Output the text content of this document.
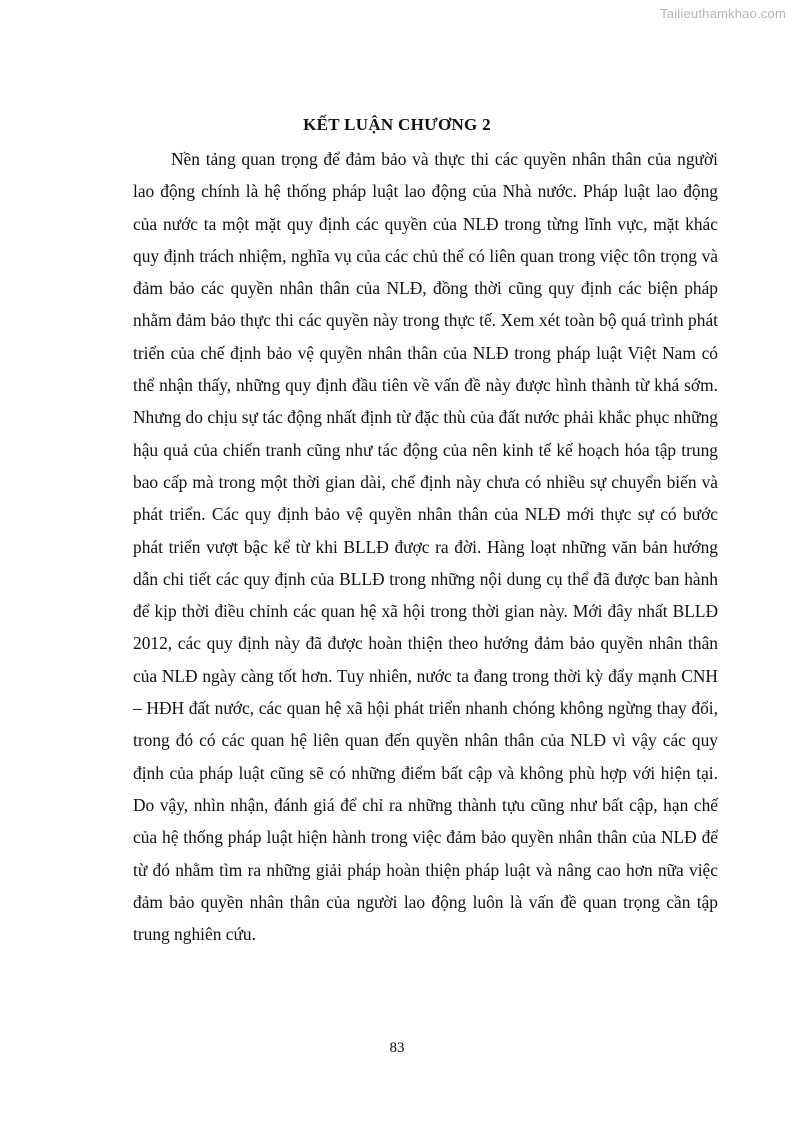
Tailieuthamkhao.com
KẾT LUẬN CHƯƠNG 2

Nền tảng quan trọng để đảm bảo và thực thi các quyền nhân thân của người lao động chính là hệ thống pháp luật lao động của Nhà nước. Pháp luật lao động của nước ta một mặt quy định các quyền của NLĐ trong từng lĩnh vực, mặt khác quy định trách nhiệm, nghĩa vụ của các chủ thể có liên quan trong việc tôn trọng và đảm bảo các quyền nhân thân của NLĐ, đồng thời cũng quy định các biện pháp nhằm đảm bảo thực thi các quyền này trong thực tế. Xem xét toàn bộ quá trình phát triển của chế định bảo vệ quyền nhân thân của NLĐ trong pháp luật Việt Nam có thể nhận thấy, những quy định đầu tiên về vấn đề này được hình thành từ khá sớm. Nhưng do chịu sự tác động nhất định từ đặc thù của đất nước phải khắc phục những hậu quả của chiến tranh cũng như tác động của nên kinh tế kế hoạch hóa tập trung bao cấp mà trong một thời gian dài, chế định này chưa có nhiều sự chuyển biến và phát triển. Các quy định bảo vệ quyền nhân thân của NLĐ mới thực sự có bước phát triển vượt bậc kể từ khi BLLĐ được ra đời. Hàng loạt những văn bản hướng dẫn chi tiết các quy định của BLLĐ trong những nội dung cụ thể đã được ban hành để kịp thời điều chỉnh các quan hệ xã hội trong thời gian này. Mới đây nhất BLLĐ 2012, các quy định này đã được hoàn thiện theo hướng đảm bảo quyền nhân thân của NLĐ ngày càng tốt hơn. Tuy nhiên, nước ta đang trong thời kỳ đẩy mạnh CNH – HĐH đất nước, các quan hệ xã hội phát triển nhanh chóng không ngừng thay đổi, trong đó có các quan hệ liên quan đến quyền nhân thân của NLĐ vì vậy các quy định của pháp luật cũng sẽ có những điểm bất cập và không phù hợp với hiện tại. Do vậy, nhìn nhận, đánh giá để chỉ ra những thành tựu cũng như bất cập, hạn chế của hệ thống pháp luật hiện hành trong việc đảm bảo quyền nhân thân của NLĐ để từ đó nhằm tìm ra những giải pháp hoàn thiện pháp luật và nâng cao hơn nữa việc đảm bảo quyền nhân thân của người lao động luôn là vấn đề quan trọng cần tập trung nghiên cứu.

83
